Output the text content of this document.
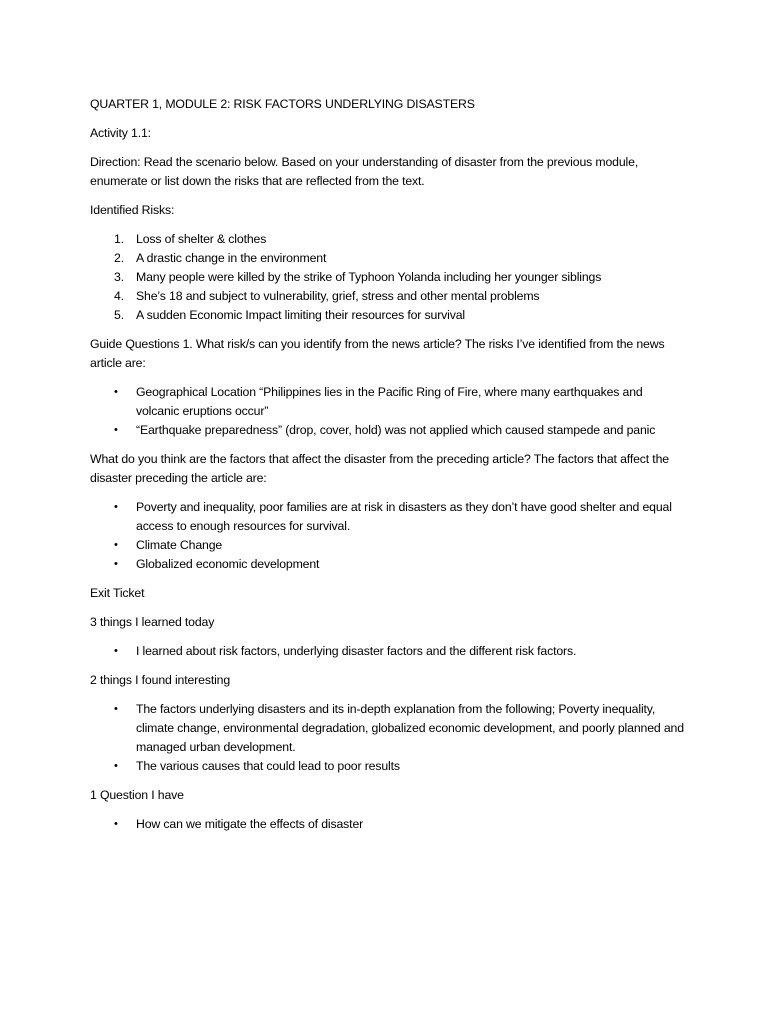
QUARTER 1, MODULE 2: RISK FACTORS UNDERLYING DISASTERS

Activity 1.1:

Direction: Read the scenario below. Based on your understanding of disaster from the previous module, enumerate or list down the risks that are reflected from the text.

Identified Risks:

1. Loss of shelter & clothes
2. A drastic change in the environment
3. Many people were killed by the strike of Typhoon Yolanda including her younger siblings
4. She’s 18 and subject to vulnerability, grief, stress and other mental problems
5. A sudden Economic Impact limiting their resources for survival

Guide Questions 1. What risk/s can you identify from the news article? The risks I’ve identified from the news article are:

• Geographical Location “Philippines lies in the Pacific Ring of Fire, where many earthquakes and volcanic eruptions occur”
• “Earthquake preparedness” (drop, cover, hold) was not applied which caused stampede and panic

What do you think are the factors that affect the disaster from the preceding article? The factors that affect the disaster preceding the article are:

• Poverty and inequality, poor families are at risk in disasters as they don’t have good shelter and equal access to enough resources for survival.
• Climate Change
• Globalized economic development

Exit Ticket

3 things I learned today

• I learned about risk factors, underlying disaster factors and the different risk factors.

2 things I found interesting

• The factors underlying disasters and its in-depth explanation from the following; Poverty inequality, climate change, environmental degradation, globalized economic development, and poorly planned and managed urban development.
• The various causes that could lead to poor results

1 Question I have

• How can we mitigate the effects of disaster
